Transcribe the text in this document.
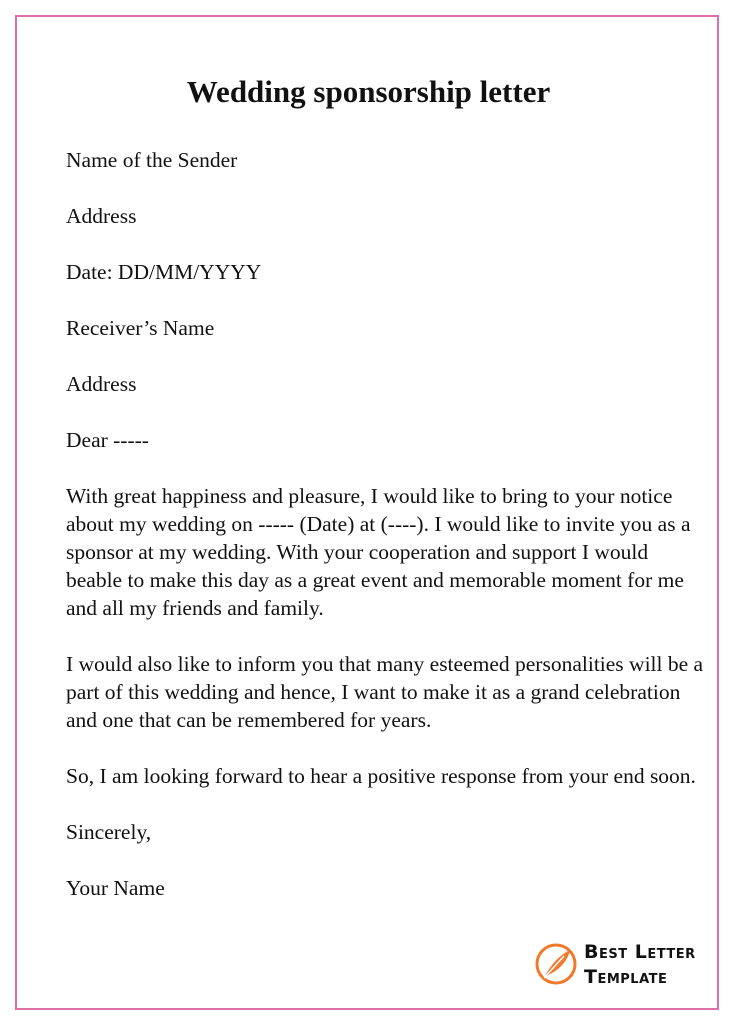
Wedding sponsorship letter

Name of the Sender

Address

Date: DD/MM/YYYY

Receiver’s Name

Address

Dear -----

With great happiness and pleasure, I would like to bring to your notice about my wedding on ----- (Date) at (----). I would like to invite you as a sponsor at my wedding. With your cooperation and support I would beable to make this day as a great event and memorable moment for me and all my friends and family.

I would also like to inform you that many esteemed personalities will be a part of this wedding and hence, I want to make it as a grand celebration and one that can be remembered for years.

So, I am looking forward to hear a positive response from your end soon.

Sincerely,

Your Name

Best Letter
Template
